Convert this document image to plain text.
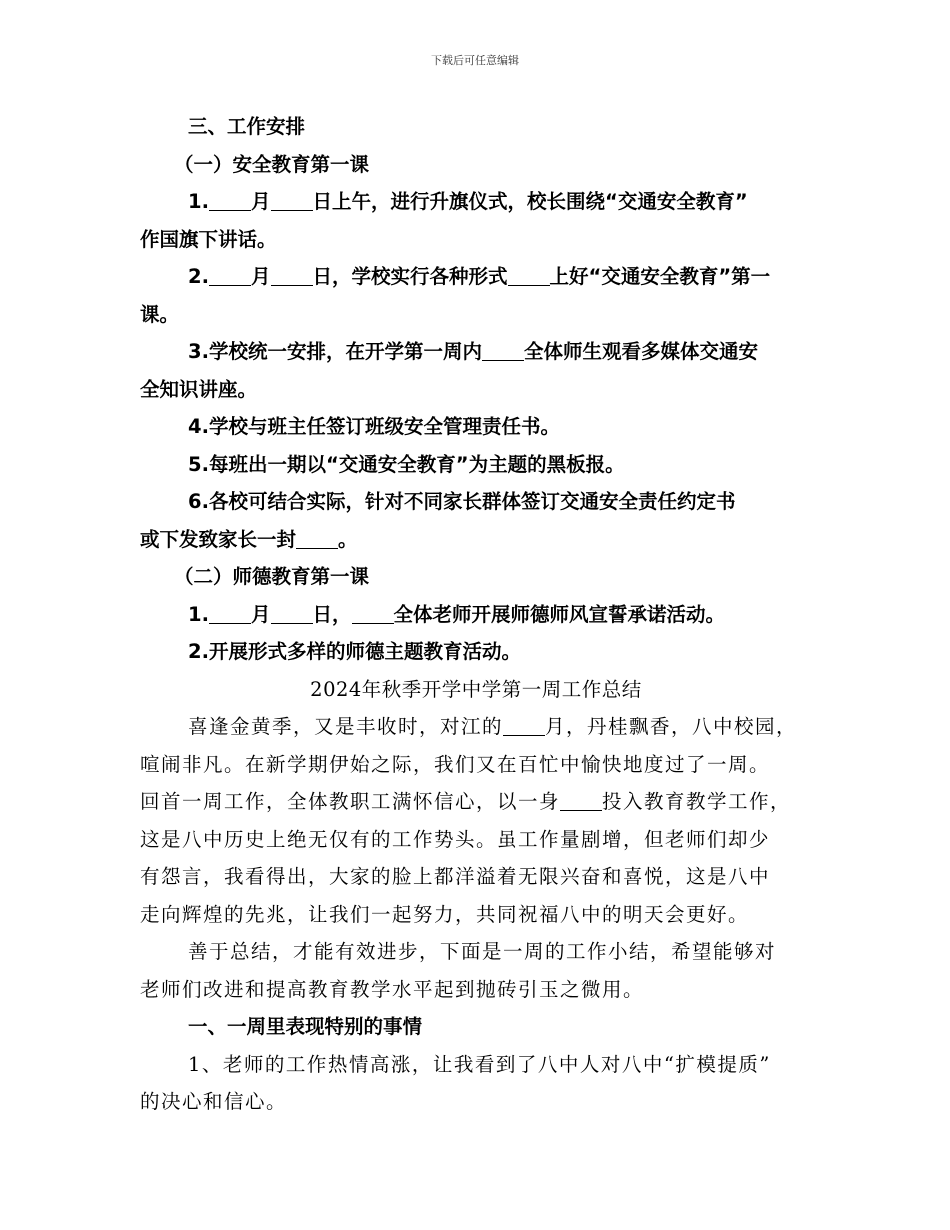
下载后可任意编辑
三、工作安排
（一）安全教育第一课
1. 月 日上午，进行升旗仪式，校长围绕“交通安全教育”
作国旗下讲话。
2. 月 日，学校实行各种形式 上好“交通安全教育”第一
课。
3.学校统一安排，在开学第一周内 全体师生观看多媒体交通安
全知识讲座。
4.学校与班主任签订班级安全管理责任书。
5.每班出一期以“交通安全教育”为主题的黑板报。
6.各校可结合实际，针对不同家长群体签订交通安全责任约定书
或下发致家长一封 。
（二）师德教育第一课
1. 月 日， 全体老师开展师德师风宣誓承诺活动。
2.开展形式多样的师德主题教育活动。
2024年秋季开学中学第一周工作总结
喜逢金黄季，又是丰收时，对江的 月，丹桂飘香，八中校园，
喧闹非凡。在新学期伊始之际，我们又在百忙中愉快地度过了一周。
回首一周工作，全体教职工满怀信心，以一身 投入教育教学工作，
这是八中历史上绝无仅有的工作势头。虽工作量剧增，但老师们却少
有怨言，我看得出，大家的脸上都洋溢着无限兴奋和喜悦，这是八中
走向辉煌的先兆，让我们一起努力，共同祝福八中的明天会更好。
善于总结，才能有效进步，下面是一周的工作小结，希望能够对
老师们改进和提高教育教学水平起到抛砖引玉之微用。
一、一周里表现特别的事情
1、老师的工作热情高涨，让我看到了八中人对八中“扩模提质”
的决心和信心。
